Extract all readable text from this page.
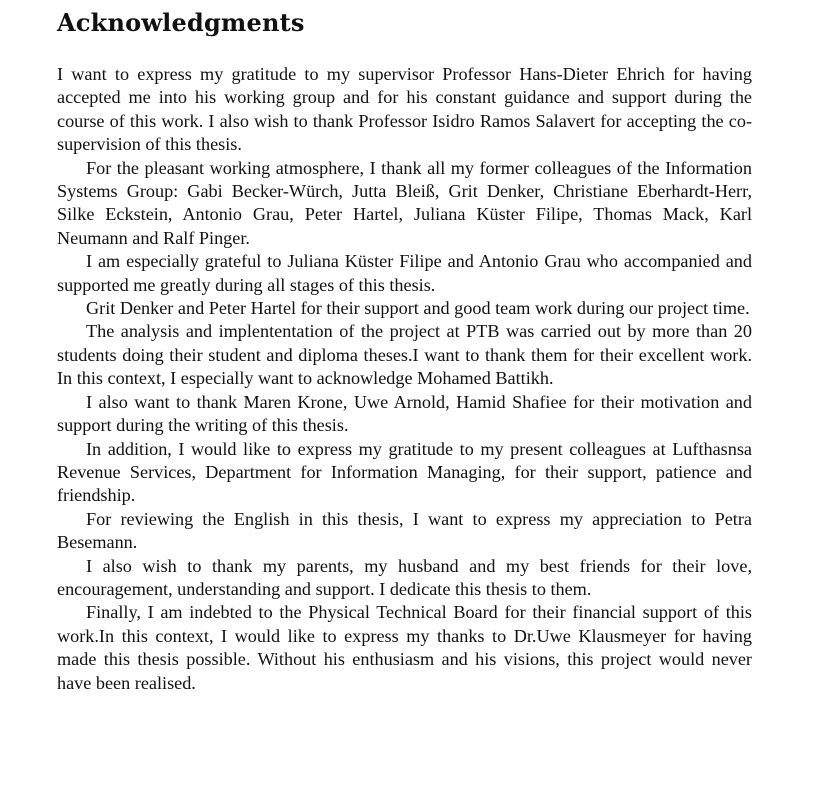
Acknowledgments

I want to express my gratitude to my supervisor Professor Hans-Dieter Ehrich for having accepted me into his working group and for his constant guidance and support during the course of this work. I also wish to thank Professor Isidro Ramos Salavert for accepting the co-supervision of this thesis.

For the pleasant working atmosphere, I thank all my former colleagues of the Information Systems Group: Gabi Becker-Würch, Jutta Bleiß, Grit Denker, Christiane Eberhardt-Herr, Silke Eckstein, Antonio Grau, Peter Hartel, Juliana Küster Filipe, Thomas Mack, Karl Neumann and Ralf Pinger.

I am especially grateful to Juliana Küster Filipe and Antonio Grau who accompanied and supported me greatly during all stages of this thesis.

Grit Denker and Peter Hartel for their support and good team work during our project time.

The analysis and implententation of the project at PTB was carried out by more than 20 students doing their student and diploma theses.I want to thank them for their excellent work. In this context, I especially want to acknowledge Mohamed Battikh.

I also want to thank Maren Krone, Uwe Arnold, Hamid Shafiee for their motivation and support during the writing of this thesis.

In addition, I would like to express my gratitude to my present colleagues at Lufthasnsa Revenue Services, Department for Information Managing, for their support, patience and friendship.

For reviewing the English in this thesis, I want to express my appreciation to Petra Besemann.

I also wish to thank my parents, my husband and my best friends for their love, encouragement, understanding and support. I dedicate this thesis to them.

Finally, I am indebted to the Physical Technical Board for their financial support of this work.In this context, I would like to express my thanks to Dr.Uwe Klausmeyer for having made this thesis possible. Without his enthusiasm and his visions, this project would never have been realised.
